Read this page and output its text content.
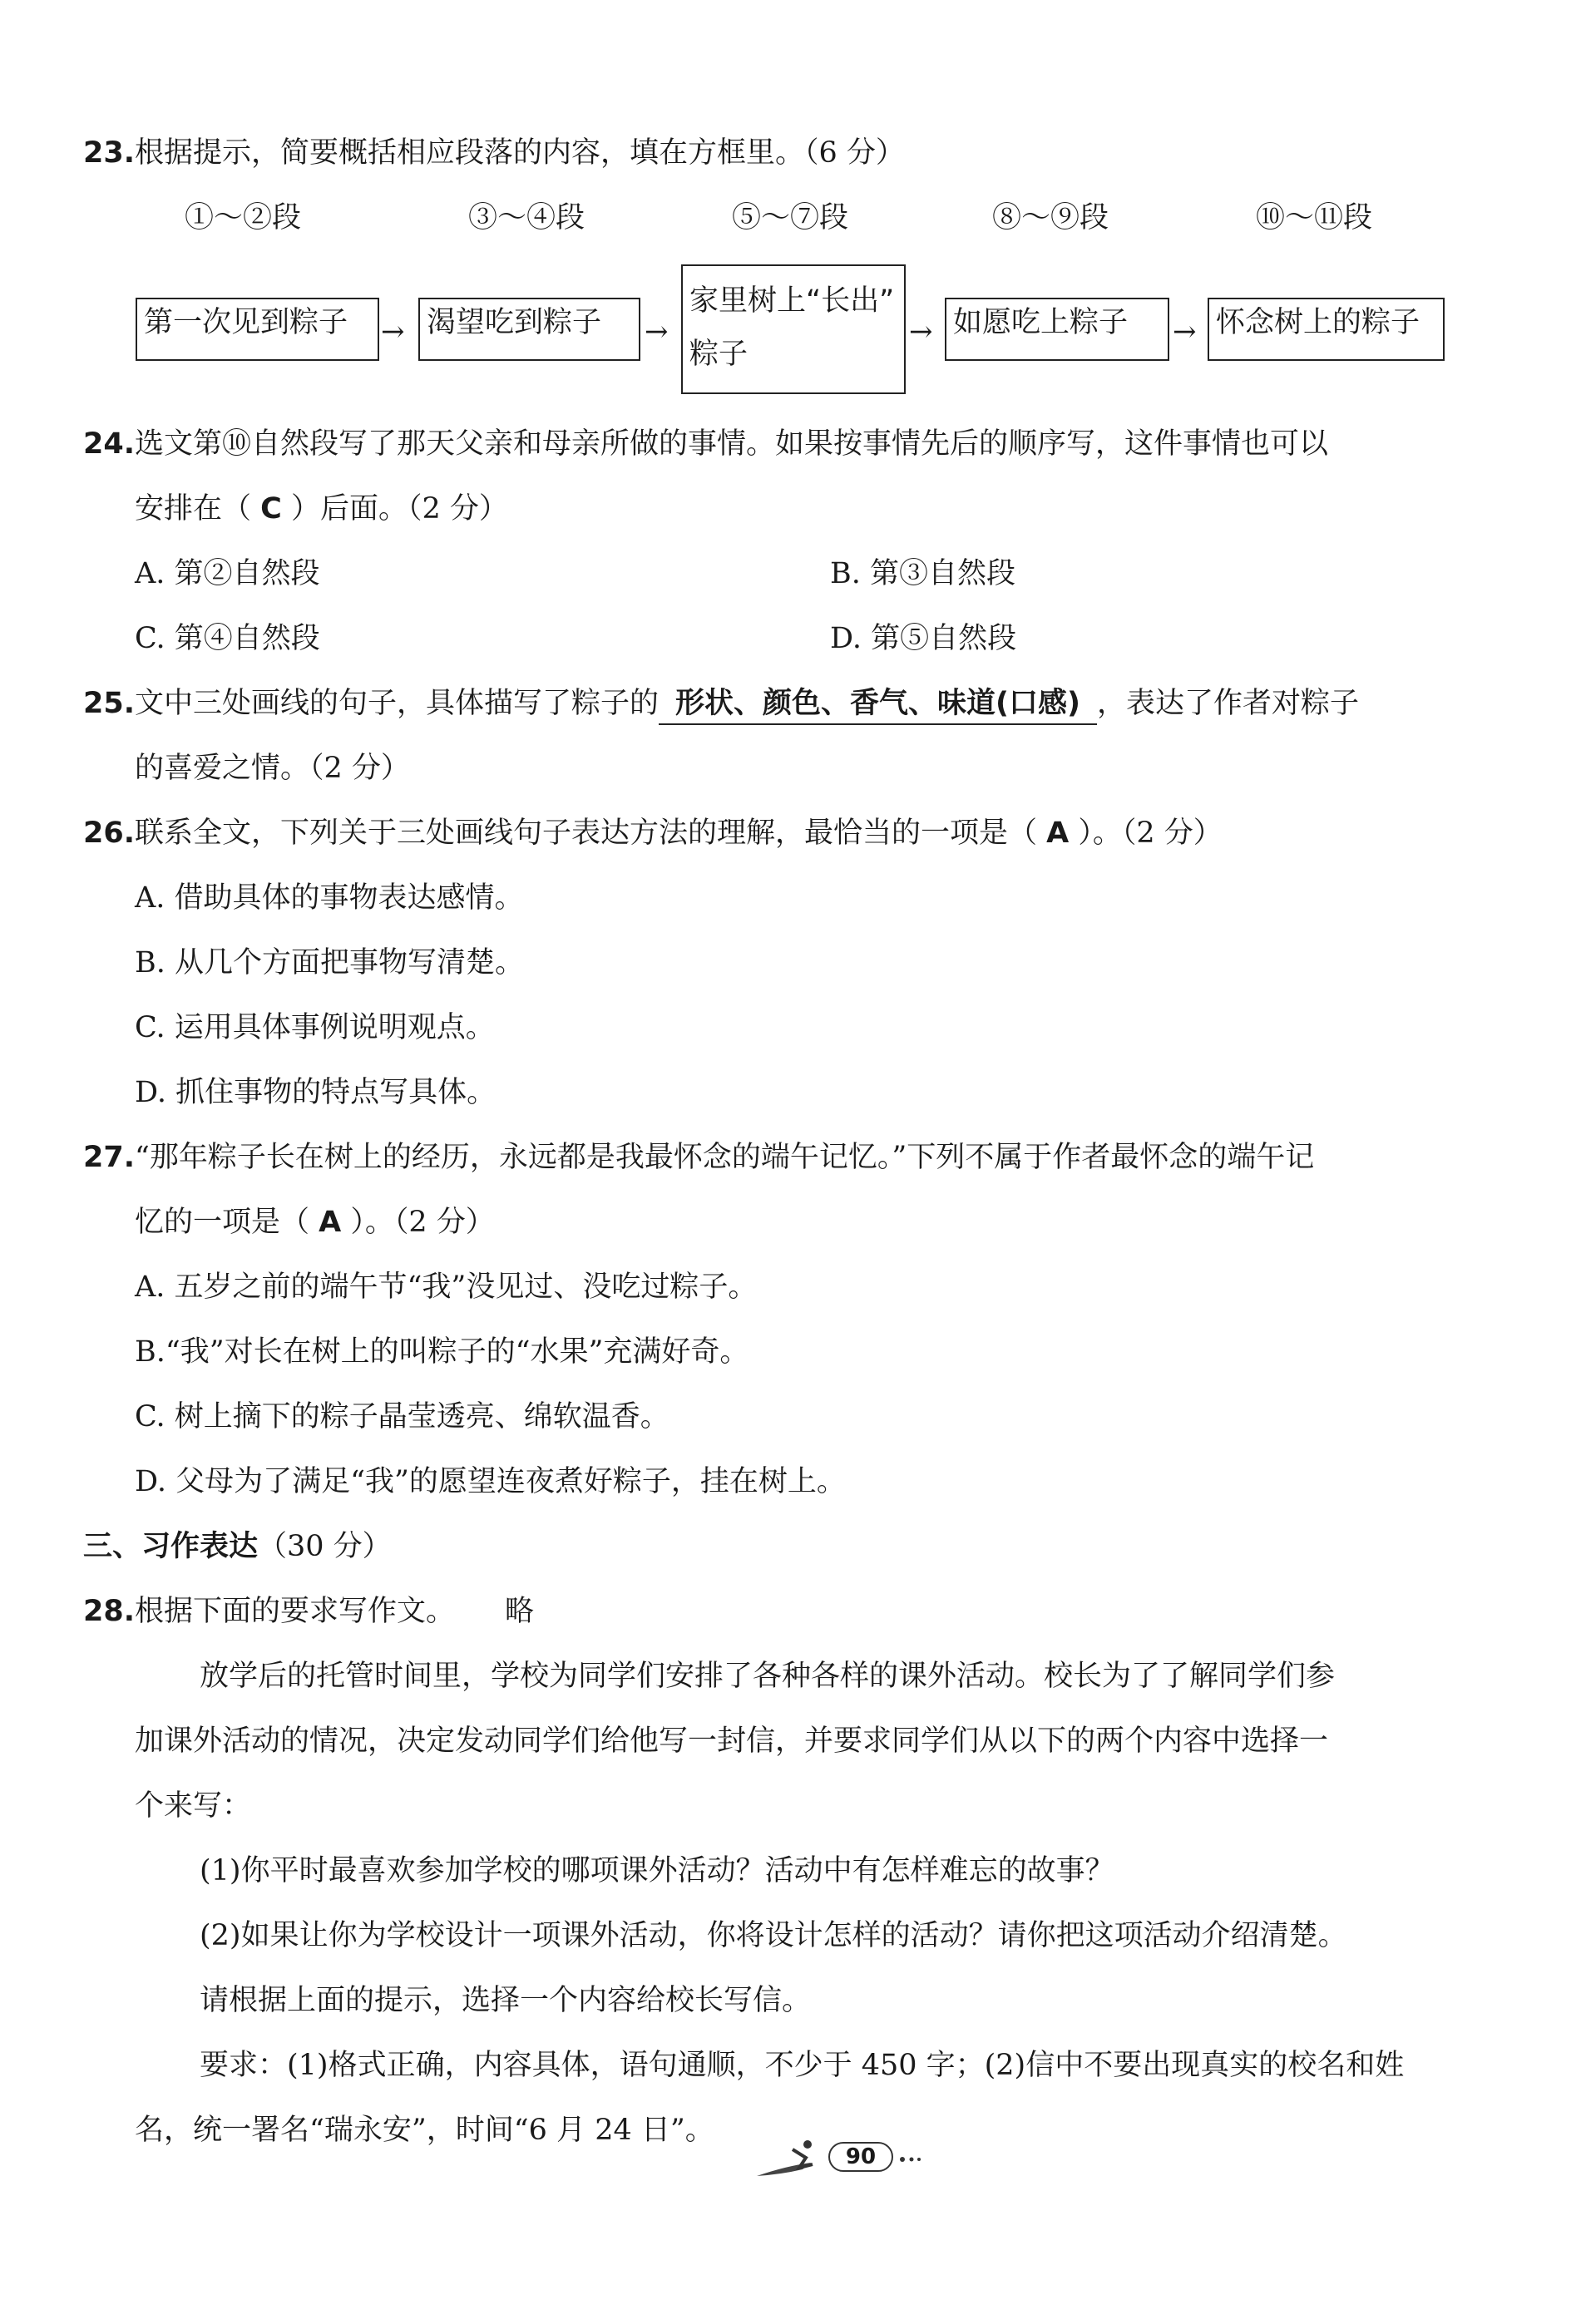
23.根据提示，简要概括相应段落的内容，填在方框里。（6 分）
①～②段	③～④段	⑤～⑦段	⑧～⑨段	⑩～⑪段
第一次见到粽子	→ 渴望吃到粽子	→
家里树上“长出”
粽子
→ 如愿吃上粽子	→ 怀念树上的粽子
24.选文第⑩自然段写了那天父亲和母亲所做的事情。如果按事情先后的顺序写，这件事情也可以
安排在（ C ）后面。（2 分）
A. 第②自然段	B. 第③自然段
C. 第④自然段	D. 第⑤自然段
25.文中三处画线的句子，具体描写了粽子的 形状、颜色、香气、味道(口感) ，表达了作者对粽子
的喜爱之情。（2 分）
26.联系全文，下列关于三处画线句子表达方法的理解，最恰当的一项是（ A ）。（2 分）
A. 借助具体的事物表达感情。
B. 从几个方面把事物写清楚。
C. 运用具体事例说明观点。
D. 抓住事物的特点写具体。
27.“那年粽子长在树上的经历，永远都是我最怀念的端午记忆。”下列不属于作者最怀念的端午记
忆的一项是（ A ）。（2 分）
A. 五岁之前的端午节“我”没见过、没吃过粽子。
B.“我”对长在树上的叫粽子的“水果”充满好奇。
C. 树上摘下的粽子晶莹透亮、绵软温香。
D. 父母为了满足“我”的愿望连夜煮好粽子，挂在树上。
三、习作表达（30 分）
28.根据下面的要求写作文。 略
放学后的托管时间里，学校为同学们安排了各种各样的课外活动。校长为了了解同学们参
加课外活动的情况，决定发动同学们给他写一封信，并要求同学们从以下的两个内容中选择一
个来写：
(1)你平时最喜欢参加学校的哪项课外活动？活动中有怎样难忘的故事？
(2)如果让你为学校设计一项课外活动，你将设计怎样的活动？请你把这项活动介绍清楚。
请根据上面的提示，选择一个内容给校长写信。
要求：(1)格式正确，内容具体，语句通顺，不少于 450 字；(2)信中不要出现真实的校名和姓
名，统一署名“瑞永安”，时间“6 月 24 日”。
90
